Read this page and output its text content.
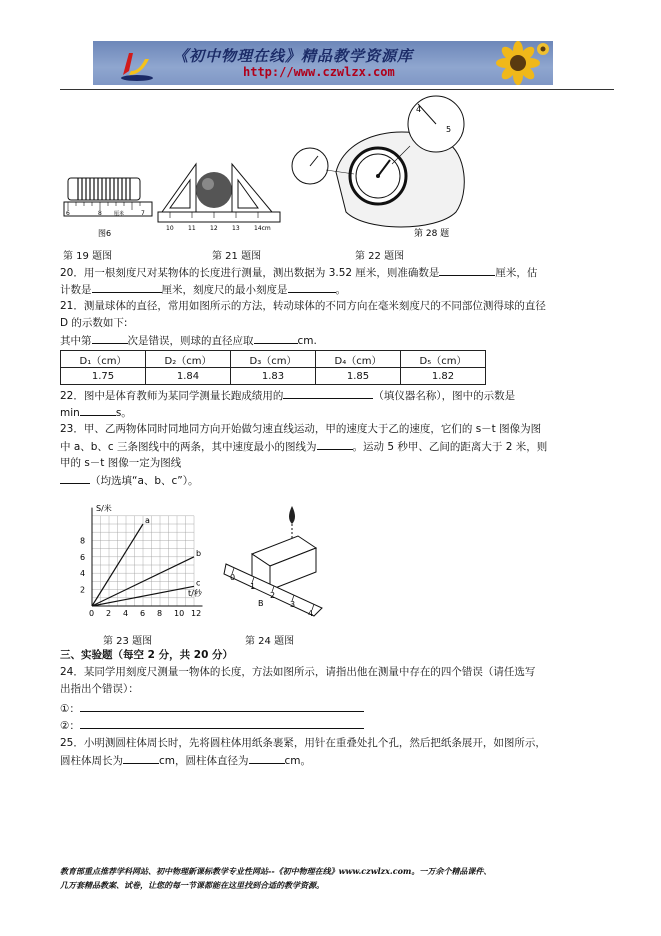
《初中物理在线》精品教学资源库
http://www.czwlzx.com
6	8 厘米	7
图6
10 11 12 13 14cm
4
5
第 28 题
第 19 题图	第 21 题图	第 22 题图
20．用一根刻度尺对某物体的长度进行测量，测出数据为 3.52 厘米，则准确数是	厘米，估
计数是	厘米，刻度尺的最小刻度是	。
21．测量球体的直径，常用如图所示的方法，转动球体的不同方向在毫米刻度尺的不同部位测得球的直径
D 的示数如下:
其中第	次是错误，则球的直径应取	cm.
D₁（cm）	D₂（cm）	D₃（cm）	D₄（cm）	D₅（cm）
1.75	1.84	1.83	1.85	1.82
22．图中是体育教师为某同学测量长跑成绩用的	（填仪器名称），图中的示数是
min	s。
23．甲、乙两物体同时同地同方向开始做匀速直线运动，甲的速度大于乙的速度，它们的 s－t 图像为图
中 a、b、c 三条图线中的两条，其中速度最小的图线为	。运动 5 秒甲、乙间的距离大于 2 米，则
甲的 s－t 图像一定为图线
（均选填“a、b、c”）。
0 2 4 6 8 10 12
2
4
6
8
S/米
t/秒
a
b
c
0
1
2
3
4
B
第 23 题图	第 24 题图
三、实验题（每空 2 分，共 20 分）
24．某同学用刻度尺测量一物体的长度，方法如图所示，请指出他在测量中存在的四个错误（请任选写
出指出个错误）：
①：
②：
25．小明测圆柱体周长时，先将圆柱体用纸条裹紧，用针在重叠处扎个孔，然后把纸条展开，如图所示，
圆柱体周长为	cm，圆柱体直径为	cm。
教育部重点推荐学科网站、初中物理新课标教学专业性网站--《初中物理在线》www.czwlzx.com。一万余个精品课件、
几万套精品教案、试卷，让您的每一节课都能在这里找到合适的教学资源。
